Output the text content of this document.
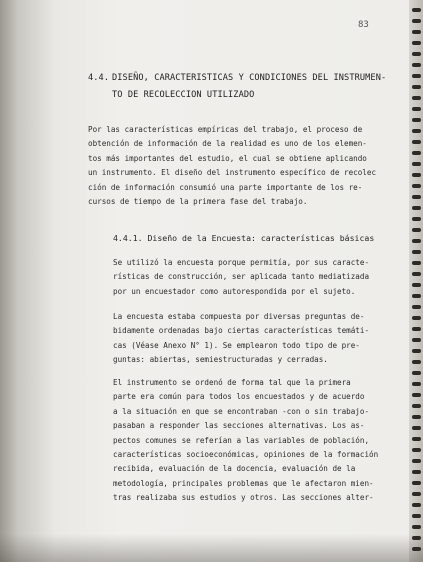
83
4.4. DISEÑO, CARACTERISTICAS Y CONDICIONES DEL INSTRUMEN-
TO DE RECOLECCION UTILIZADO
Por las características empíricas del trabajo, el proceso de
obtención de información de la realidad es uno de los elemen-
tos más importantes del estudio, el cual se obtiene aplicando
un instrumento. El diseño del instrumento específico de recolec
ción de información consumió una parte importante de los re-
cursos de tiempo de la primera fase del trabajo.
4.4.1. Diseño de la Encuesta: características básicas
Se utilizó la encuesta porque permitía, por sus caracte-
rísticas de construcción, ser aplicada tanto mediatizada
por un encuestador como autorespondida por el sujeto.
La encuesta estaba compuesta por diversas preguntas de-
bidamente ordenadas bajo ciertas características temáti-
cas (Véase Anexo N° 1). Se emplearon todo tipo de pre-
guntas: abiertas, semiestructuradas y cerradas.
El instrumento se ordenó de forma tal que la primera
parte era común para todos los encuestados y de acuerdo
a la situación en que se encontraban -con o sin trabajo-
pasaban a responder las secciones alternativas. Los as-
pectos comunes se referían a las variables de población,
características socioeconómicas, opiniones de la formación
recibida, evaluación de la docencia, evaluación de la
metodología, principales problemas que le afectaron mien-
tras realizaba sus estudios y otros. Las secciones alter-
